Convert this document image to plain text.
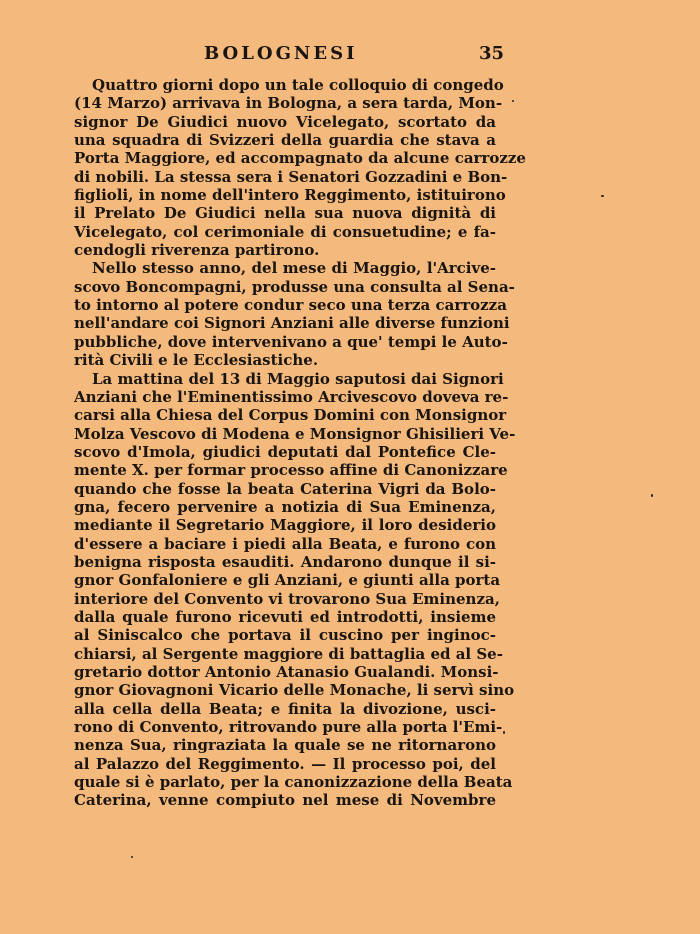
BOLOGNESI	35
Quattro giorni dopo un tale colloquio di congedo
(14 Marzo) arrivava in Bologna, a sera tarda, Mon-
signor De Giudici nuovo Vicelegato, scortato da
una squadra di Svizzeri della guardia che stava a
Porta Maggiore, ed accompagnato da alcune carrozze
di nobili. La stessa sera i Senatori Gozzadini e Bon-
figlioli, in nome dell'intero Reggimento, istituirono
il Prelato De Giudici nella sua nuova dignità di
Vicelegato, col cerimoniale di consuetudine; e fa-
cendogli riverenza partirono.
Nello stesso anno, del mese di Maggio, l'Arcive-
scovo Boncompagni, produsse una consulta al Sena-
to intorno al potere condur seco una terza carrozza
nell'andare coi Signori Anziani alle diverse funzioni
pubbliche, dove intervenivano a que' tempi le Auto-
rità Civili e le Ecclesiastiche.
La mattina del 13 di Maggio saputosi dai Signori
Anziani che l'Eminentissimo Arcivescovo doveva re-
carsi alla Chiesa del Corpus Domini con Monsignor
Molza Vescovo di Modena e Monsignor Ghisilieri Ve-
scovo d'Imola, giudici deputati dal Pontefice Cle-
mente X. per formar processo affine di Canonizzare
quando che fosse la beata Caterina Vigri da Bolo-
gna, fecero pervenire a notizia di Sua Eminenza,
mediante il Segretario Maggiore, il loro desiderio
d'essere a baciare i piedi alla Beata, e furono con
benigna risposta esauditi. Andarono dunque il si-
gnor Gonfaloniere e gli Anziani, e giunti alla porta
interiore del Convento vi trovarono Sua Eminenza,
dalla quale furono ricevuti ed introdotti, insieme
al Siniscalco che portava il cuscino per inginoc-
chiarsi, al Sergente maggiore di battaglia ed al Se-
gretario dottor Antonio Atanasio Gualandi. Monsi-
gnor Giovagnoni Vicario delle Monache, li servì sino
alla cella della Beata; e finita la divozione, usci-
rono di Convento, ritrovando pure alla porta l'Emi-
nenza Sua, ringraziata la quale se ne ritornarono
al Palazzo del Reggimento. — Il processo poi, del
quale si è parlato, per la canonizzazione della Beata
Caterina, venne compiuto nel mese di Novembre
